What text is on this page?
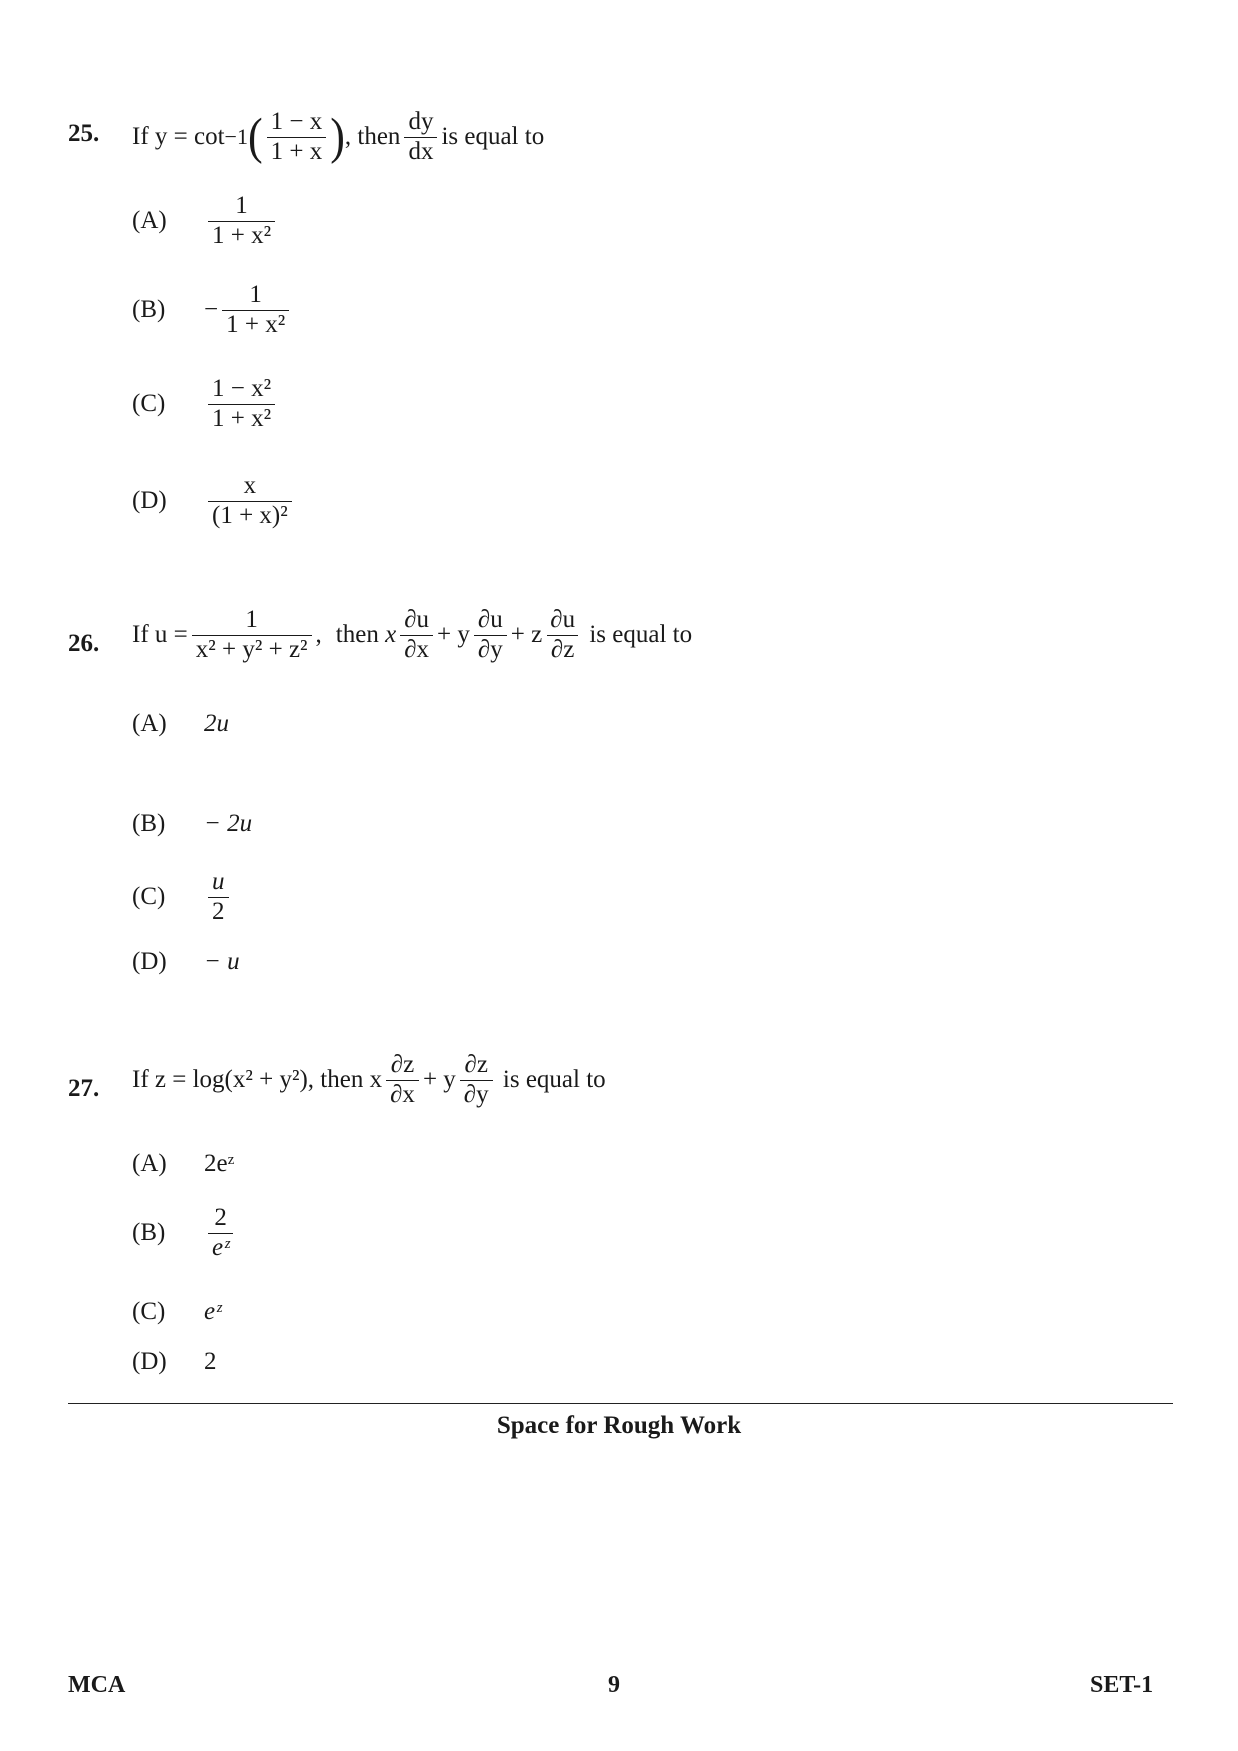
25. If y = cot −1 ( $\frac{1 - x}{1 + x}$ ) , then $\frac{dy}{dx}$ is equal to
(A)	$\frac{1}{\text{1 + x²}}$
(B)	− $\frac{1}{\text{1 + x²}}$
(C)	$\frac{\text{1 − x²}}{\text{1 + x²}}$
(D)	$\frac{x}{\text{(1 + x)²}}$
26. If $u = \frac{1}{\text{x² + y² + z²}}$ , then
x $\frac{\partial u}{\partial x} + y \frac{\partial u}{\partial y} + z \frac{\partial u}{\partial z}$
is equal to
(A)	2u
(B)	− 2u
(C)	$\frac{u}{2}$
(D)	− u
27. If z = log(x² + y²), then x $\frac{\partial z}{\partial x} + y \frac{\partial z}{\partial y}$
is equal to
(A)	2eᶻ
(B)	$\frac{2}{\text{eᶻ}}$
(C)	eᶻ
(D)	2
Space for Rough Work
MCA	9	SET-1
